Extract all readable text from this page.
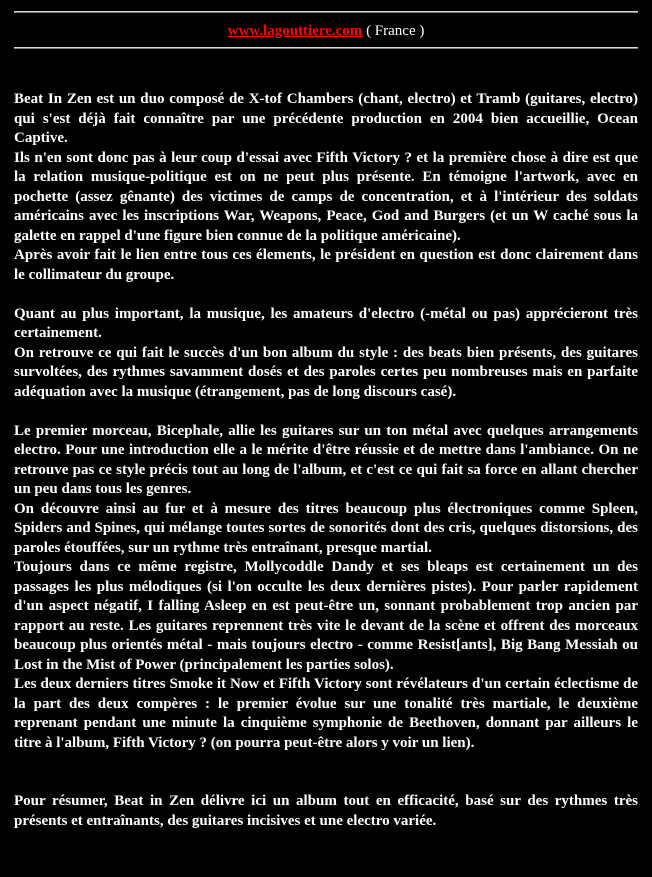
www.lagouttiere.com ( France )

Beat In Zen est un duo composé de X-tof Chambers (chant, electro) et Tramb (guitares, electro) qui s'est déjà fait connaître par une précédente production en 2004 bien accueillie, Ocean Captive.

Ils n'en sont donc pas à leur coup d'essai avec Fifth Victory ? et la première chose à dire est que la relation musique-politique est on ne peut plus présente. En témoigne l'artwork, avec en pochette (assez gênante) des victimes de camps de concentration, et à l'intérieur des soldats américains avec les inscriptions War, Weapons, Peace, God and Burgers (et un W caché sous la galette en rappel d'une figure bien connue de la politique américaine).

Après avoir fait le lien entre tous ces élements, le président en question est donc clairement dans le collimateur du groupe.

Quant au plus important, la musique, les amateurs d'electro (-métal ou pas) apprécieront très certainement.

On retrouve ce qui fait le succès d'un bon album du style : des beats bien présents, des guitares survoltées, des rythmes savamment dosés et des paroles certes peu nombreuses mais en parfaite adéquation avec la musique (étrangement, pas de long discours casé).

Le premier morceau, Bicephale, allie les guitares sur un ton métal avec quelques arrangements electro. Pour une introduction elle a le mérite d'être réussie et de mettre dans l'ambiance. On ne retrouve pas ce style précis tout au long de l'album, et c'est ce qui fait sa force en allant chercher un peu dans tous les genres.

On découvre ainsi au fur et à mesure des titres beaucoup plus électroniques comme Spleen, Spiders and Spines, qui mélange toutes sortes de sonorités dont des cris, quelques distorsions, des paroles étouffées, sur un rythme très entraînant, presque martial.

Toujours dans ce même registre, Mollycoddle Dandy et ses bleaps est certainement un des passages les plus mélodiques (si l'on occulte les deux dernières pistes). Pour parler rapidement d'un aspect négatif, I falling Asleep en est peut-être un, sonnant probablement trop ancien par rapport au reste. Les guitares reprennent très vite le devant de la scène et offrent des morceaux beaucoup plus orientés métal - mais toujours electro - comme Resist[ants], Big Bang Messiah ou Lost in the Mist of Power (principalement les parties solos).

Les deux derniers titres Smoke it Now et Fifth Victory sont révélateurs d'un certain éclectisme de la part des deux compères : le premier évolue sur une tonalité très martiale, le deuxième reprenant pendant une minute la cinquième symphonie de Beethoven, donnant par ailleurs le titre à l'album, Fifth Victory ? (on pourra peut-être alors y voir un lien).

Pour résumer, Beat in Zen délivre ici un album tout en efficacité, basé sur des rythmes très présents et entraînants, des guitares incisives et une electro variée.
